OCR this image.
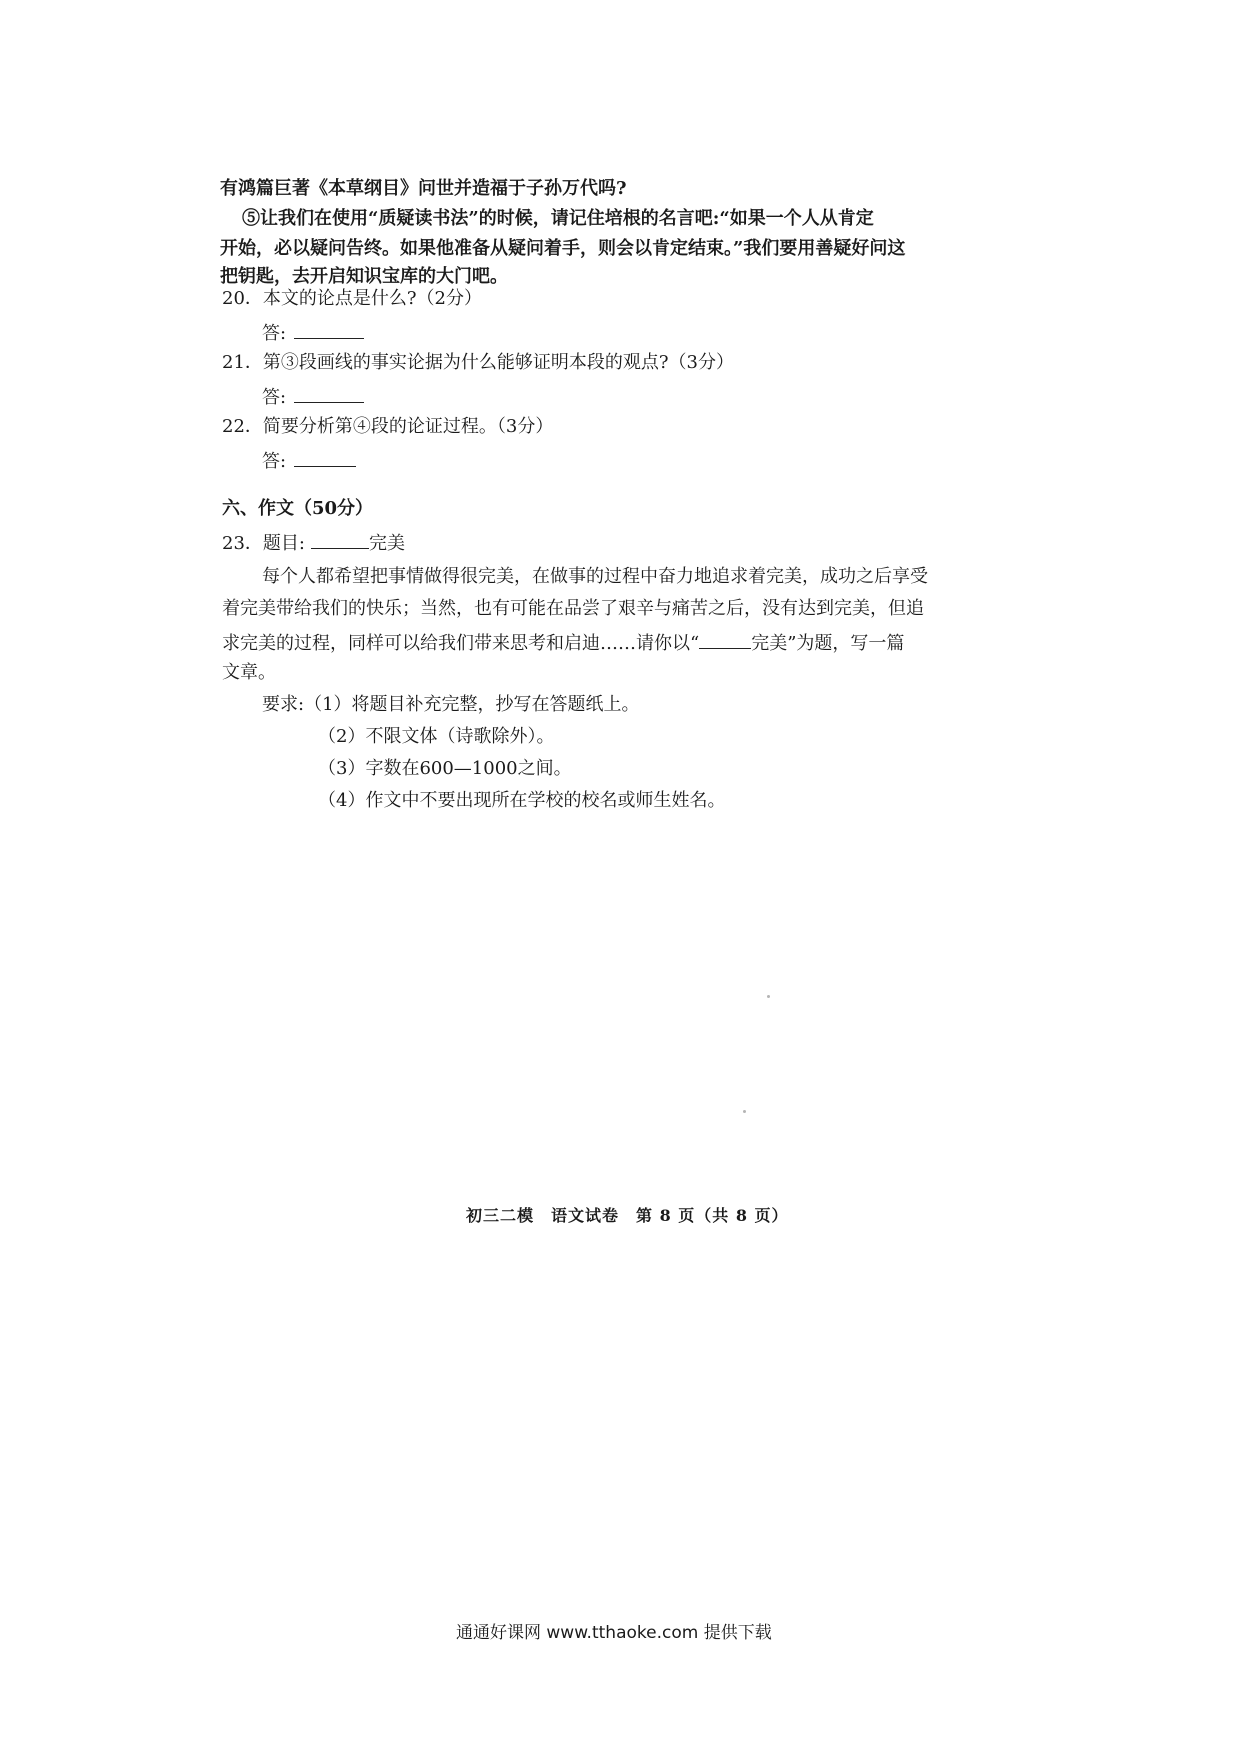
有鸿篇巨著《本草纲目》问世并造福于子孙万代吗?
⑤让我们在使用“质疑读书法”的时候，请记住培根的名言吧:“如果一个人从肯定
开始，必以疑问告终。如果他准备从疑问着手，则会以肯定结束。”我们要用善疑好问这
把钥匙，去开启知识宝库的大门吧。
20．本文的论点是什么?（2分）
答:
21．第③段画线的事实论据为什么能够证明本段的观点?（3分）
答:
22．简要分析第④段的论证过程。（3分）
答:
六、作文（50分）
23．题目:	完美
每个人都希望把事情做得很完美，在做事的过程中奋力地追求着完美，成功之后享受
着完美带给我们的快乐；当然，也有可能在品尝了艰辛与痛苦之后，没有达到完美，但追
求完美的过程，同样可以给我们带来思考和启迪……请你以“	完美”为题，写一篇
文章。
要求:（1）将题目补充完整，抄写在答题纸上。
（2）不限文体（诗歌除外）。
（3）字数在600—1000之间。
（4）作文中不要出现所在学校的校名或师生姓名。
初三二模　语文试卷　第 8 页（共 8 页）
通通好课网 www.tthaoke.com 提供下载
